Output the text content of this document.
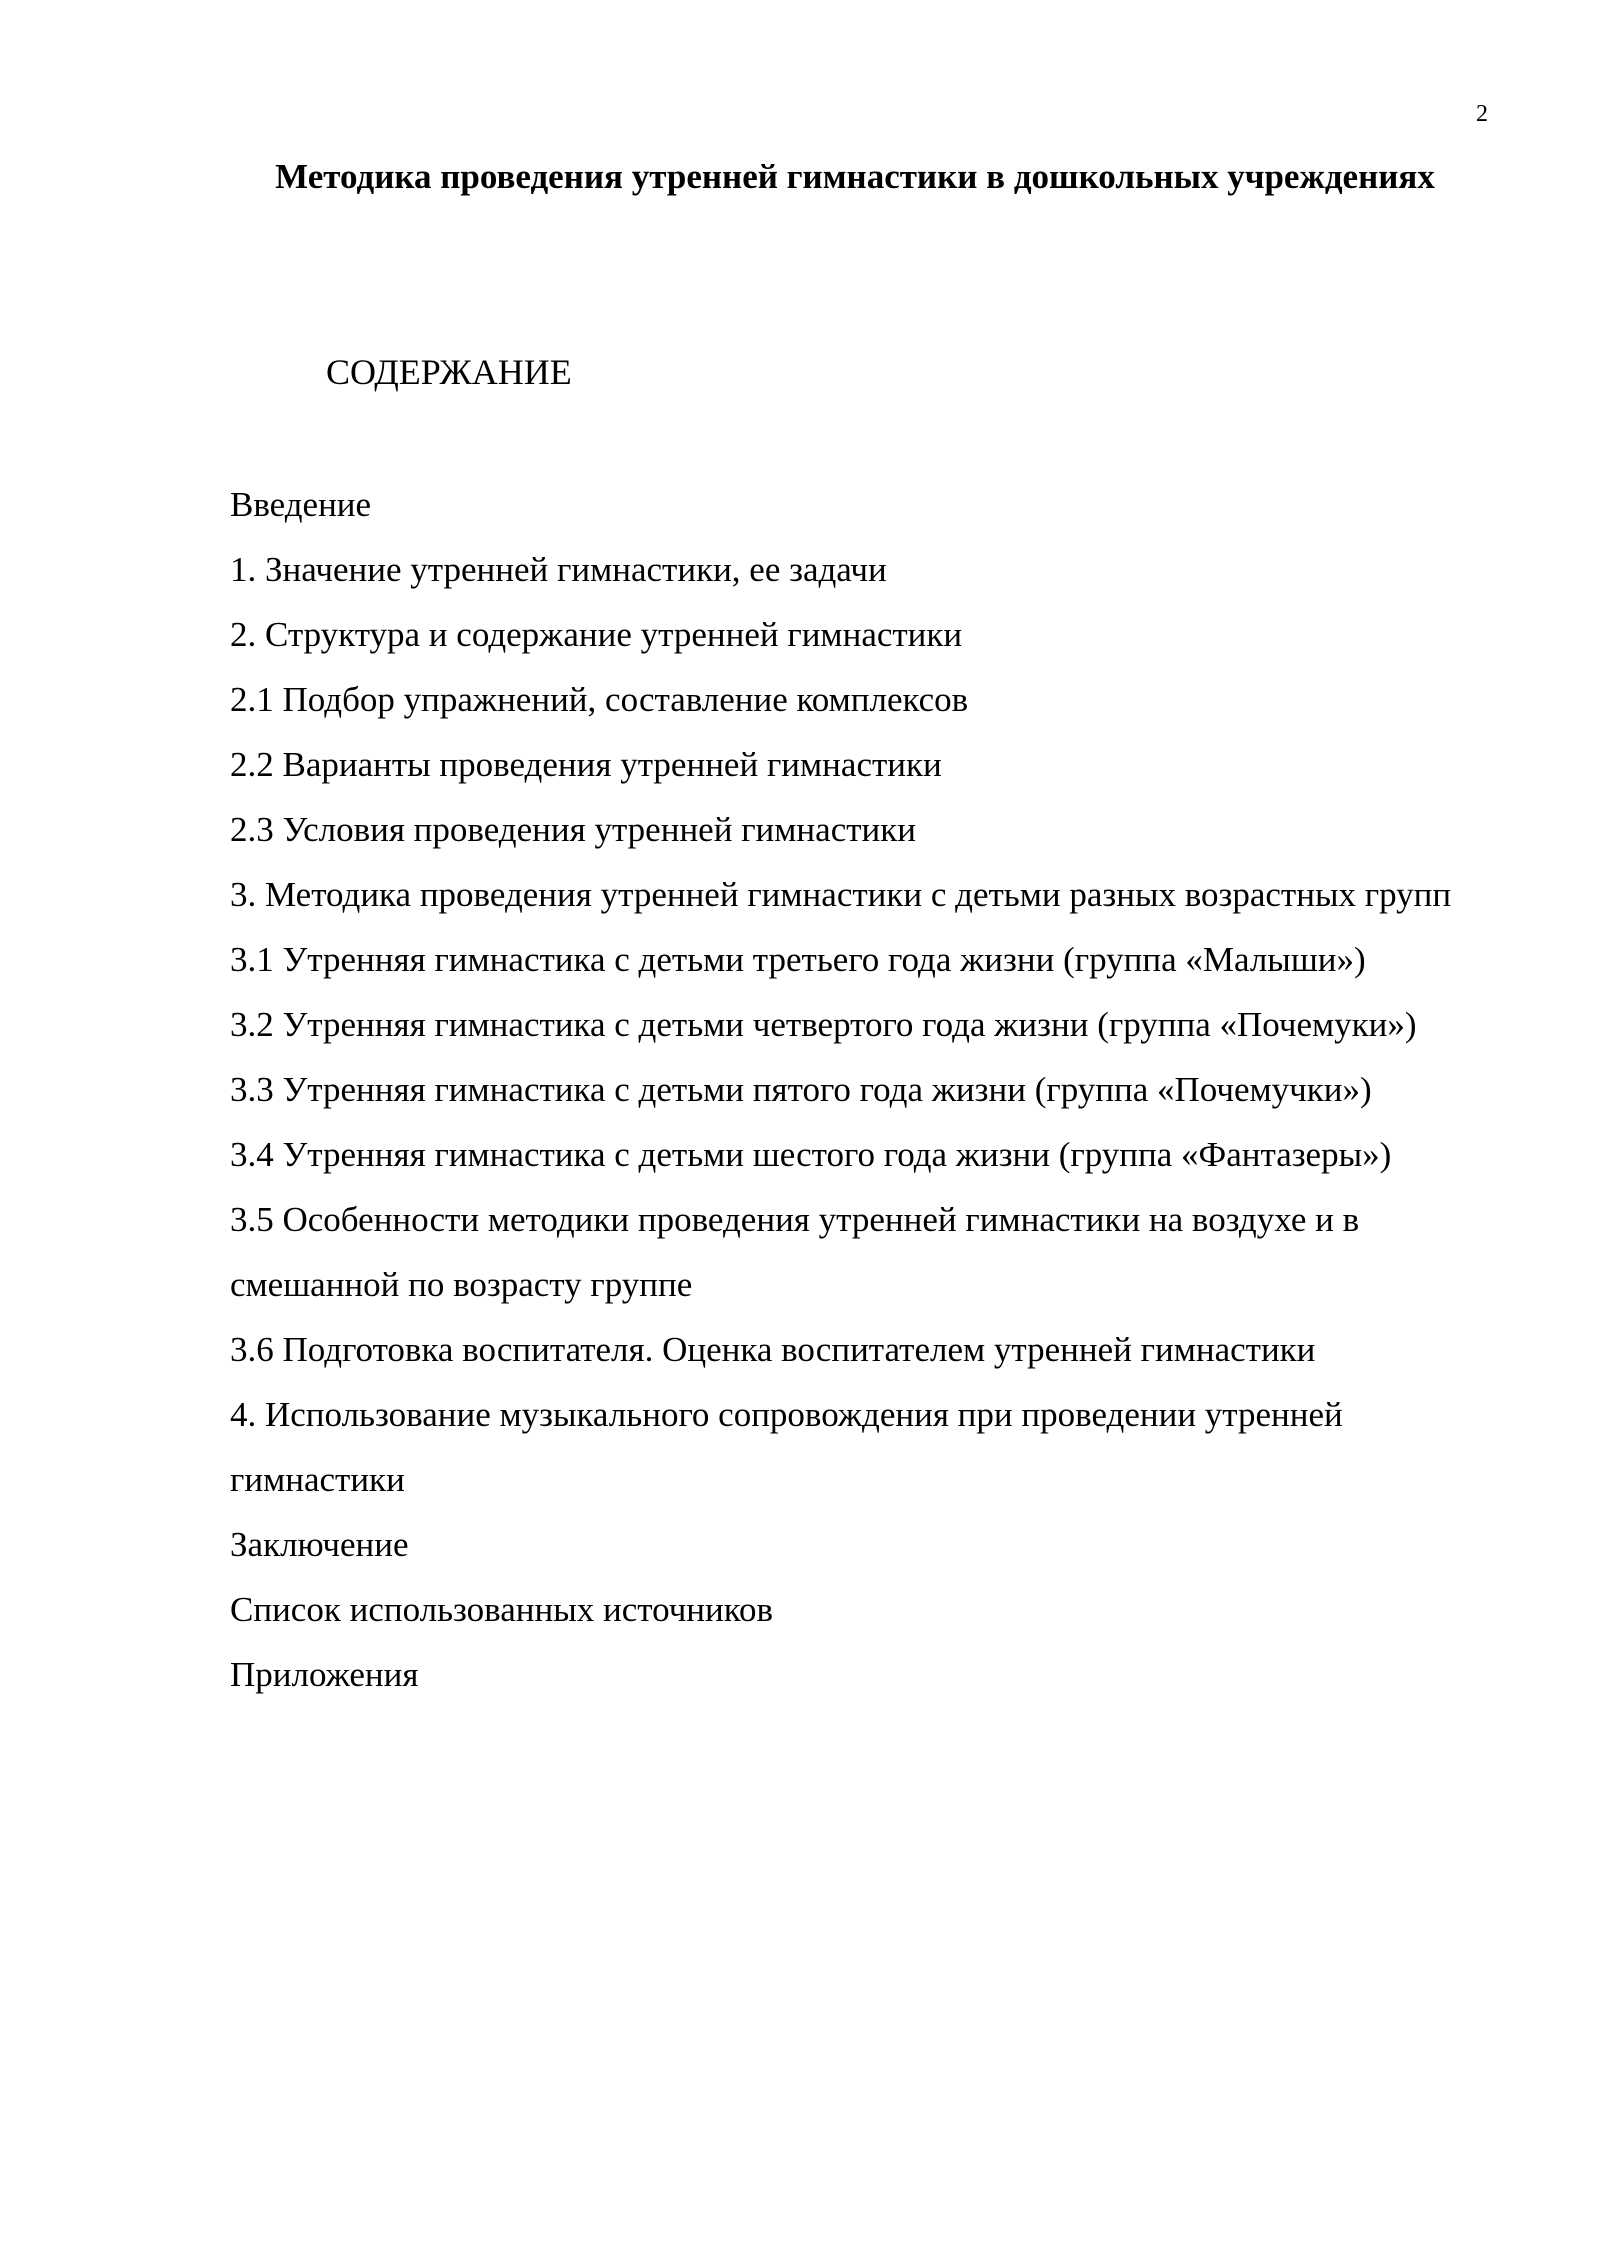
2
Методика проведения утренней гимнастики в дошкольных учреждениях
СОДЕРЖАНИЕ
Введение
1. Значение утренней гимнастики, ее задачи
2. Структура и содержание утренней гимнастики
2.1 Подбор упражнений, составление комплексов
2.2 Варианты проведения утренней гимнастики
2.3 Условия проведения утренней гимнастики
3. Методика проведения утренней гимнастики с детьми разных возрастных групп
3.1 Утренняя гимнастика с детьми третьего года жизни (группа «Малыши»)
3.2 Утренняя гимнастика с детьми четвертого года жизни (группа «Почемуки»)
3.3 Утренняя гимнастика с детьми пятого года жизни (группа «Почемучки»)
3.4 Утренняя гимнастика с детьми шестого года жизни (группа «Фантазеры»)
3.5 Особенности методики проведения утренней гимнастики на воздухе и в смешанной по возрасту группе
3.6 Подготовка воспитателя. Оценка воспитателем утренней гимнастики
4. Использование музыкального сопровождения при проведении утренней гимнастики
Заключение
Список использованных источников
Приложения
